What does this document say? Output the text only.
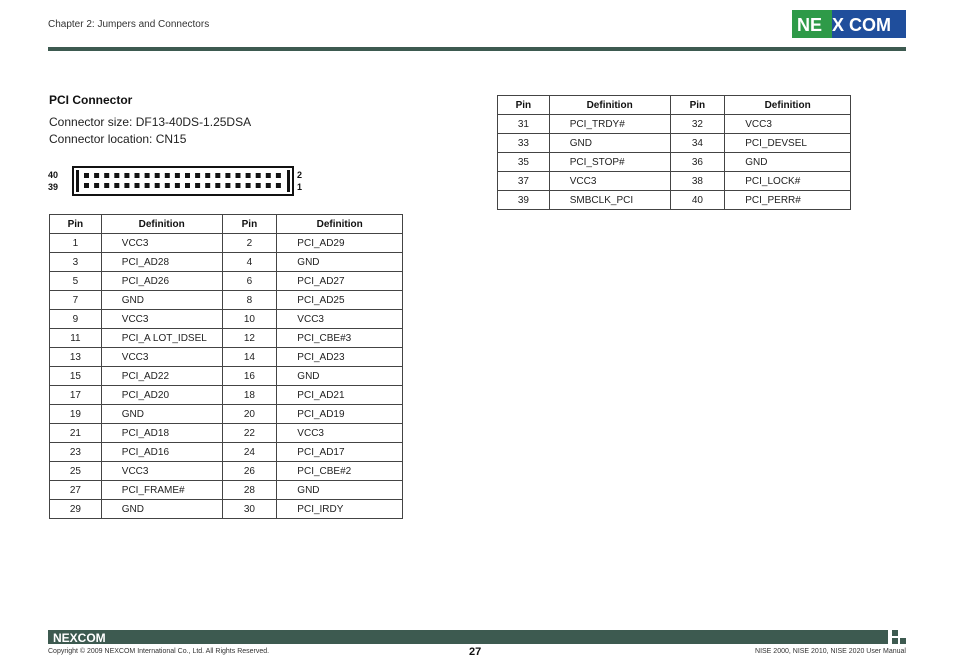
Chapter 2: Jumpers and Connectors	NE X COM
PCI Connector
Connector size: DF13-40DS-1.25DSA
Connector location: CN15
40
39
2
1
Pin	Definition	Pin	Definition
1	VCC3	2	PCI_AD29
3	PCI_AD28	4	GND
5	PCI_AD26	6	PCI_AD27
7	GND	8	PCI_AD25
9	VCC3	10	VCC3
11	PCI_A LOT_IDSEL	12	PCI_CBE#3
13	VCC3	14	PCI_AD23
15	PCI_AD22	16	GND
17	PCI_AD20	18	PCI_AD21
19	GND	20	PCI_AD19
21	PCI_AD18	22	VCC3
23	PCI_AD16	24	PCI_AD17
25	VCC3	26	PCI_CBE#2
27	PCI_FRAME#	28	GND
29	GND	30	PCI_IRDY
Pin	Definition	Pin	Definition
31	PCI_TRDY#	32	VCC3
33	GND	34	PCI_DEVSEL
35	PCI_STOP#	36	GND
37	VCC3	38	PCI_LOCK#
39	SMBCLK_PCI	40	PCI_PERR#
NEXCOM
Copyright © 2009 NEXCOM International Co., Ltd. All Rights Reserved.	27	NISE 2000, NISE 2010, NISE 2020 User Manual
